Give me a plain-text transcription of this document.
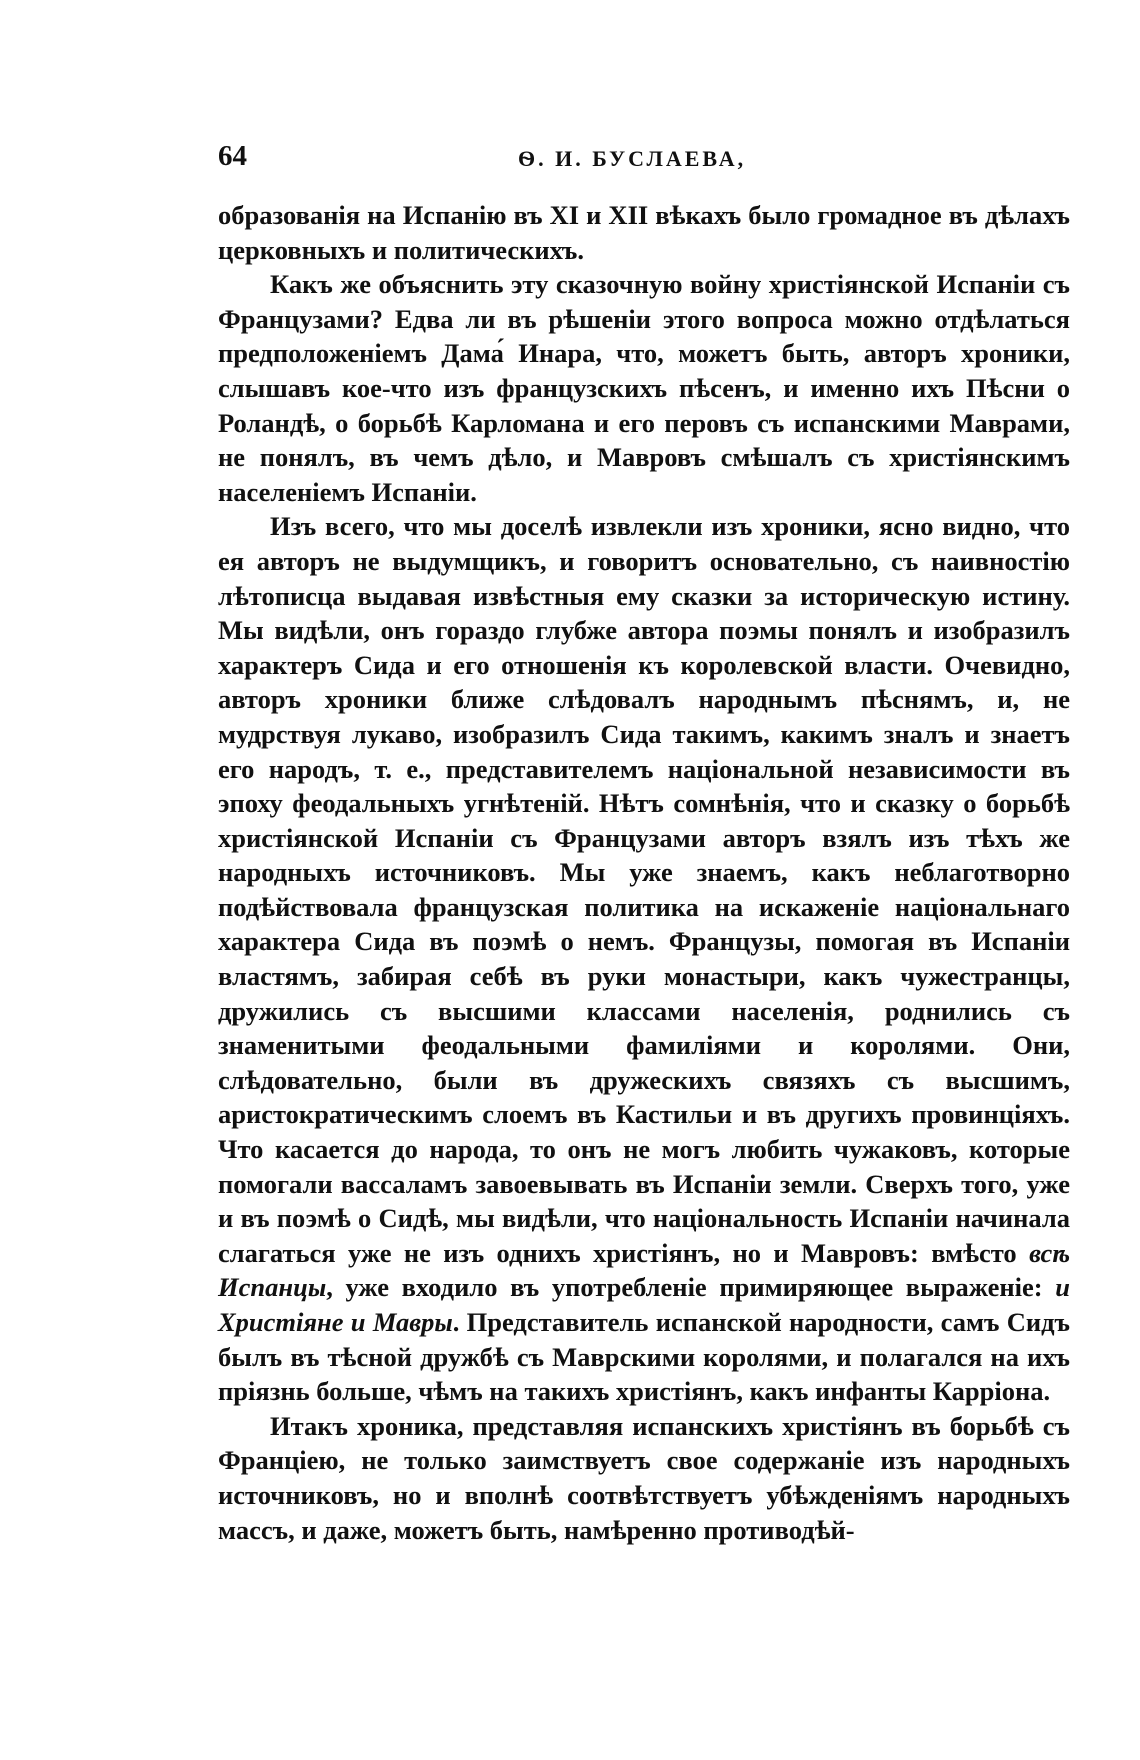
64	Ѳ. И. БУСЛАЕВА,

образованія на Испанію въ XI и XII вѣкахъ было громадное въ дѣлахъ церковныхъ и политическихъ.

Какъ же объяснить эту сказочную войну христіянской Испаніи съ Французами? Едва ли въ рѣшеніи этого вопроса можно отдѣлаться предположеніемъ Дама́ Инара, что, можетъ быть, авторъ хроники, слышавъ кое-что изъ французскихъ пѣсенъ, и именно ихъ Пѣсни о Роландѣ, о борьбѣ Карломана и его перовъ съ испанскими Маврами, не понялъ, въ чемъ дѣло, и Мавровъ смѣшалъ съ христіянскимъ населеніемъ Испаніи.

Изъ всего, что мы доселѣ извлекли изъ хроники, ясно видно, что ея авторъ не выдумщикъ, и говоритъ основательно, съ наивностію лѣтописца выдавая извѣстныя ему сказки за историческую истину. Мы видѣли, онъ гораздо глубже автора поэмы понялъ и изобразилъ характеръ Сида и его отношенія къ королевской власти. Очевидно, авторъ хроники ближе слѣдовалъ народнымъ пѣснямъ, и, не мудрствуя лукаво, изобразилъ Сида такимъ, какимъ зналъ и знаетъ его народъ, т. е., представителемъ національной независимости въ эпоху феодальныхъ угнѣтеній. Нѣтъ сомнѣнія, что и сказку о борьбѣ христіянской Испаніи съ Французами авторъ взялъ изъ тѣхъ же народныхъ источниковъ. Мы уже знаемъ, какъ неблаготворно подѣйствовала французская политика на искаженіе національнаго характера Сида въ поэмѣ о немъ. Французы, помогая въ Испаніи властямъ, забирая себѣ въ руки монастыри, какъ чужестранцы, дружились съ высшими классами населенія, роднились съ знаменитыми феодальными фамиліями и королями. Они, слѣдовательно, были въ дружескихъ связяхъ съ высшимъ, аристократическимъ слоемъ въ Кастильи и въ другихъ провинціяхъ. Что касается до народа, то онъ не могъ любить чужаковъ, которые помогали вассаламъ завоевывать въ Испаніи земли. Сверхъ того, уже и въ поэмѣ о Сидѣ, мы видѣли, что національность Испаніи начинала слагаться уже не изъ однихъ христіянъ, но и Мавровъ: вмѣсто всѣ Испанцы, уже входило въ употребленіе примиряющее выраженіе: и Христіяне и Мавры. Представитель испанской народности, самъ Сидъ былъ въ тѣсной дружбѣ съ Маврскими королями, и полагался на ихъ пріязнь больше, чѣмъ на такихъ христіянъ, какъ инфанты Карріона.

Итакъ хроника, представляя испанскихъ христіянъ въ борьбѣ съ Франціею, не только заимствуетъ свое содержаніе изъ народныхъ источниковъ, но и вполнѣ соотвѣтствуетъ убѣжденіямъ народныхъ массъ, и даже, можетъ быть, намѣренно противодѣй-
